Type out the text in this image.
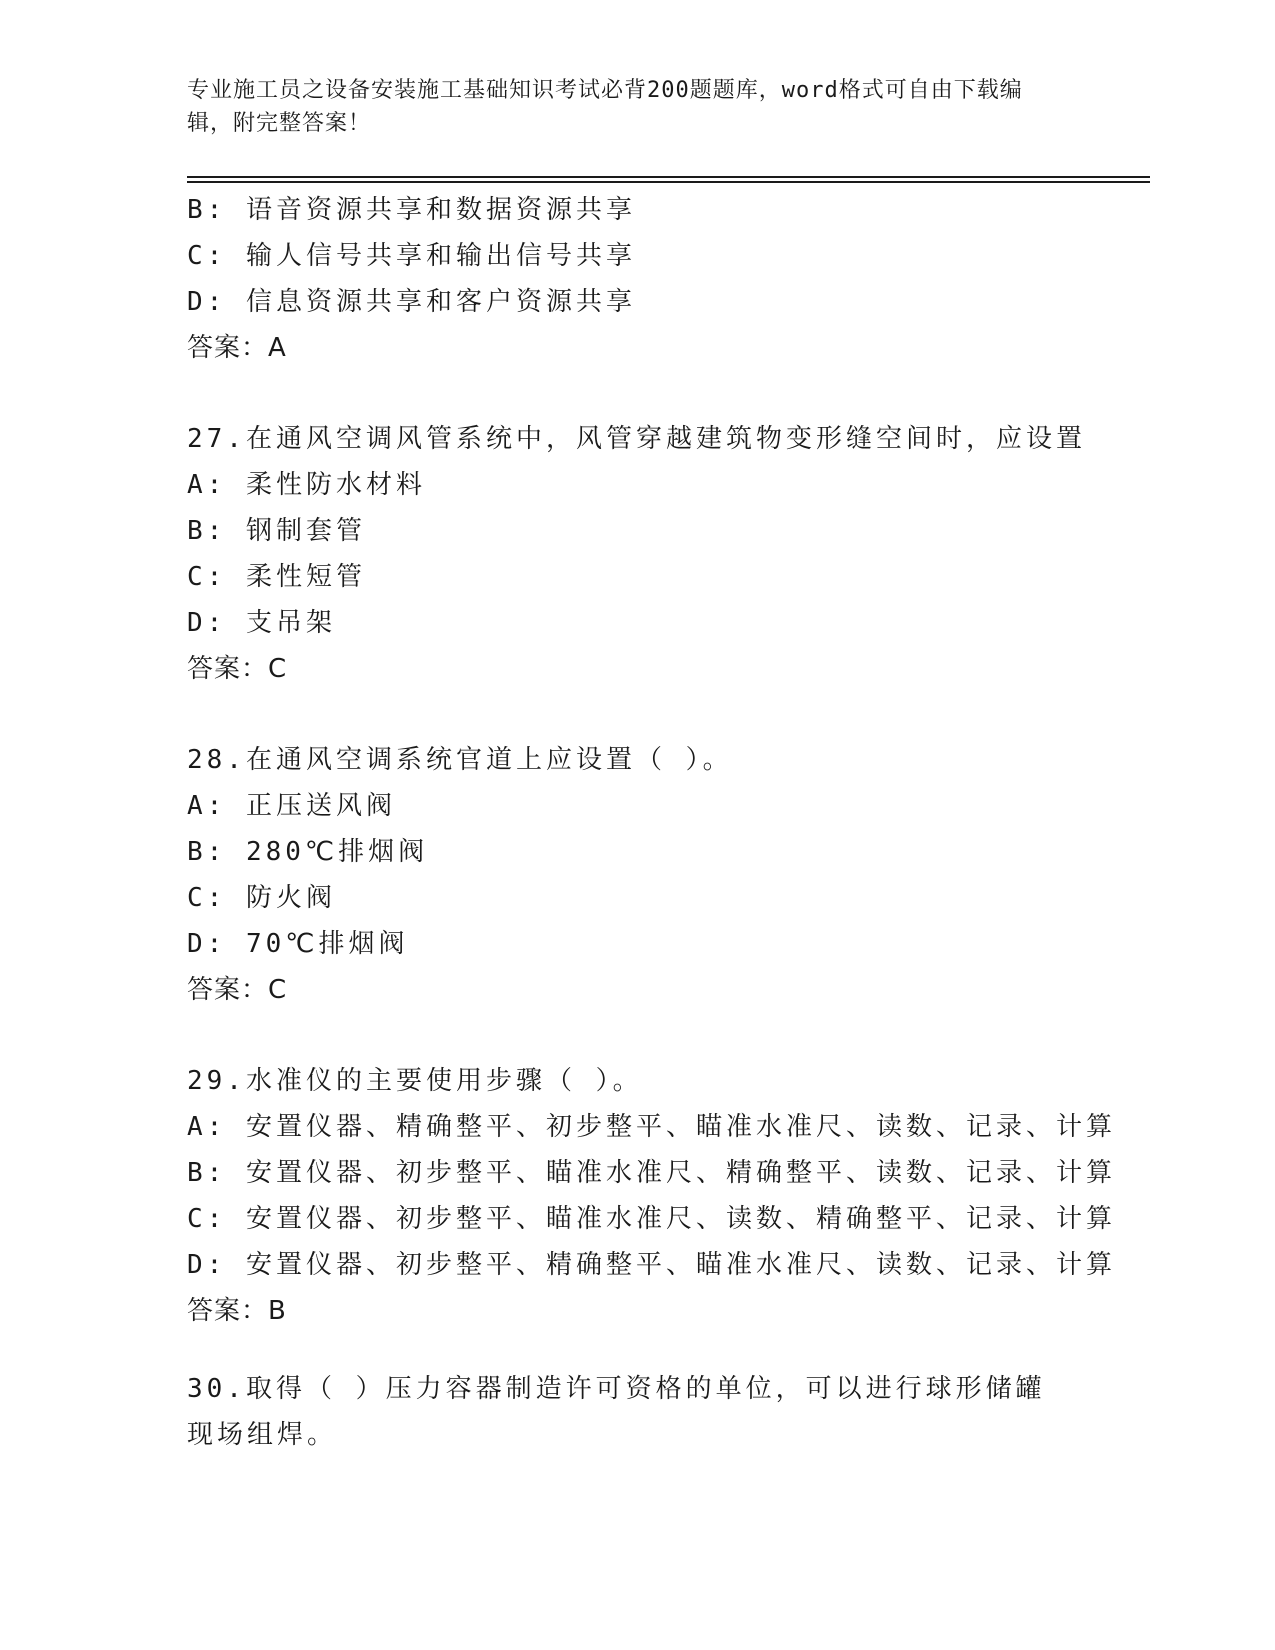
专业施工员之设备安装施工基础知识考试必背200题题库，word格式可自由下载编辑，附完整答案！
B: 语音资源共享和数据资源共享
C: 输人信号共享和输出信号共享
D: 信息资源共享和客户资源共享
答案：A
27.在通风空调风管系统中，风管穿越建筑物变形缝空间时，应设置
A: 柔性防水材料
B: 钢制套管
C: 柔性短管
D: 支吊架
答案：C
28.在通风空调系统官道上应设置（ ）。
A: 正压送风阀
B: 280℃排烟阀
C: 防火阀
D: 70℃排烟阀
答案：C
29.水准仪的主要使用步骤（ ）。
A: 安置仪器、精确整平、初步整平、瞄准水准尺、读数、记录、计算
B: 安置仪器、初步整平、瞄准水准尺、精确整平、读数、记录、计算
C: 安置仪器、初步整平、瞄准水准尺、读数、精确整平、记录、计算
D: 安置仪器、初步整平、精确整平、瞄准水准尺、读数、记录、计算
答案：B
30.取得（ ）压力容器制造许可资格的单位，可以进行球形储罐现场组焊。
